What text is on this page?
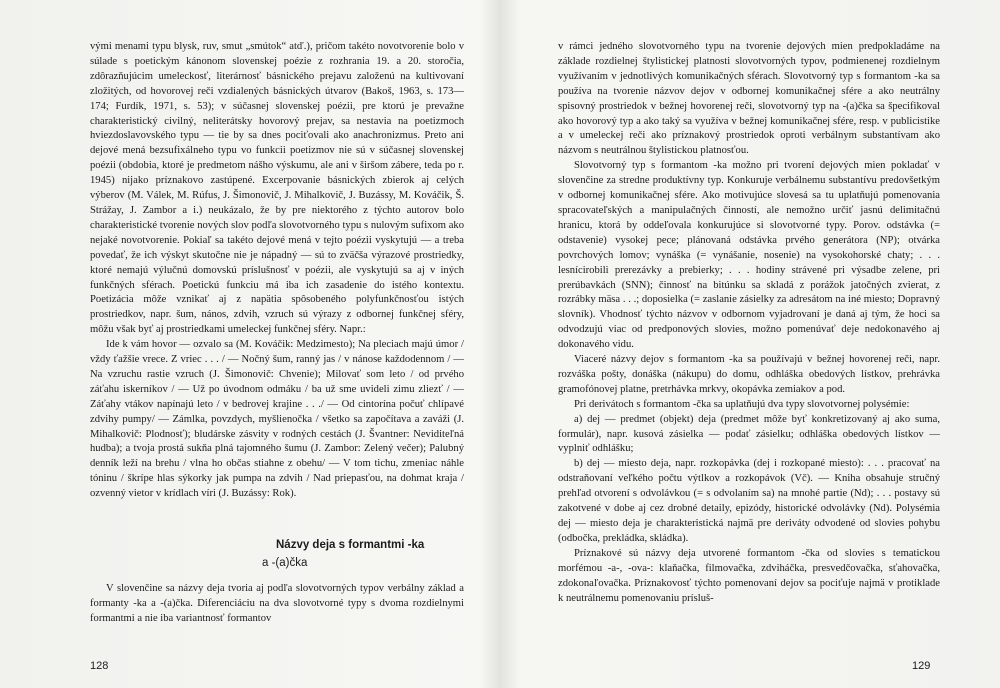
vými menami typu blysk, ruv, smut „smútok“ atď.), pričom takéto novotvorenie bolo v súlade s poetickým kánonom slovenskej poézie z rozhrania 19. a 20. storočia, zdôrazňujúcim umeleckosť, literárnosť básnického prejavu založenú na kultivovaní zložitých, od hovorovej reči vzdialených básnických útvarov (Bakoš, 1963, s. 173—174; Furdík, 1971, s. 53); v súčasnej slovenskej poézii, pre ktorú je prevažne charakteristický civilný, neliterátsky hovorový prejav, sa nestavia na poetizmoch hviezdoslavovského typu — tie by sa dnes pociťovali ako anachronizmus. Preto ani dejové mená bezsufixálneho typu vo funkcii poetizmov nie sú v súčasnej slovenskej poézii (obdobia, ktoré je predmetom nášho výskumu, ale ani v širšom zábere, teda po r. 1945) nijako príznakovo zastúpené. Excerpovanie básnických zbierok aj celých výberov (M. Válek, M. Rúfus, J. Šimonovič, J. Mihalkovič, J. Buzássy, M. Kováčik, Š. Strážay, J. Zambor a i.) neukázalo, že by pre niektorého z týchto autorov bolo charakteristické tvorenie nových slov podľa slovotvorného typu s nulovým sufixom ako nejaké novotvorenie. Pokiaľ sa takéto dejové mená v tejto poézii vyskytujú — a treba povedať, že ich výskyt skutočne nie je nápadný — sú to zväčša výrazové prostriedky, ktoré nemajú výlučnú domovskú príslušnosť v poézii, ale vyskytujú sa aj v iných funkčných sférach. Poetickú funkciu má iba ich zasadenie do istého kontextu. Poetizácia môže vznikať aj z napätia spôsobeného polyfunkčnosťou istých prostriedkov, napr. šum, nános, zdvih, vzruch sú výrazy z odbornej funkčnej sféry, môžu však byť aj prostriedkami umeleckej funkčnej sféry. Napr.:

Ide k vám hovor — ozvalo sa (M. Kováčik: Medzimesto); Na pleciach majú úmor / vždy ťažšie vrece. Z vriec . . . / — Nočný šum, ranný jas / v nánose každodennom / — Na vzruchu rastie vzruch (J. Šimonovič: Chvenie); Milovať som leto / od prvého záťahu iskerníkov / — Už po úvodnom odmáku / ba už sme uvideli zimu zliezť / — Záťahy vtákov napínajú leto / v bedrovej krajine . . ./ — Od cintorína počuť chlípavé zdvihy pumpy/ — Zámlka, povzdych, myšlienočka / všetko sa započítava a zaváži (J. Mihalkovič: Plodnosť); bludárske zásvity v rodných cestách (J. Švantner: Neviditeľná hudba); a tvoja prostá sukňa plná tajomného šumu (J. Zambor: Zelený večer); Palubný denník leží na brehu / vlna ho občas stiahne z obehu/ — V tom tichu, zmeniac náhle tóninu / škrípe hlas sýkorky jak pumpa na zdvih / Nad priepasťou, na dohmat kraja / ozvenný vietor v krídlach víri (J. Buzássy: Rok).

Názvy deja s formantmi -ka
a -(a)čka

V slovenčine sa názvy deja tvoria aj podľa slovotvorných typov verbálny základ a formanty -ka a -(a)čka. Diferenciáciu na dva slovotvorné typy s dvoma rozdielnymi formantmi a nie iba variantnosť formantov

v rámci jedného slovotvorného typu na tvorenie dejových mien predpokladáme na základe rozdielnej štylistickej platnosti slovotvorných typov, podmienenej rozdielnym využívaním v jednotlivých komunikačných sférach. Slovotvorný typ s formantom -ka sa používa na tvorenie názvov dejov v odbornej komunikačnej sfére a ako neutrálny spisovný prostriedok v bežnej hovorenej reči, slovotvorný typ na -(a)čka sa špecifikoval ako hovorový typ a ako taký sa využíva v bežnej komunikačnej sfére, resp. v publicistike a v umeleckej reči ako príznakový prostriedok oproti verbálnym substantívam ako názvom s neutrálnou štylistickou platnosťou.

Slovotvorný typ s formantom -ka možno pri tvorení dejových mien pokladať v slovenčine za stredne produktívny typ. Konkuruje verbálnemu substantívu predovšetkým v odbornej komunikačnej sfére. Ako motivujúce slovesá sa tu uplatňujú pomenovania spracovateľských a manipulačných činností, ale nemožno určiť jasnú delimitačnú hranicu, ktorá by oddeľovala konkurujúce si slovotvorné typy. Porov. odstávka (= odstavenie) vysokej pece; plánovaná odstávka prvého generátora (NP); otvárka povrchových lomov; vynáška (= vynášanie, nosenie) na vysokohorské chaty; . . . lesnícirobili prerezávky a prebierky; . . . hodiny strávené pri výsadbe zelene, pri prerúbavkách (SNN); činnosť na bitúnku sa skladá z porážok jatočných zvierat, z rozrábky mäsa . . .; doposielka (= zaslanie zásielky za adresátom na iné miesto; Dopravný slovník). Vhodnosť týchto názvov v odbornom vyjadrovaní je daná aj tým, že hoci sa odvodzujú viac od predponových slovies, možno pomenúvať deje nedokonavého aj dokonavého vidu.

Viaceré názvy dejov s formantom -ka sa používajú v bežnej hovorenej reči, napr. rozváška pošty, donáška (nákupu) do domu, odhláška obedových lístkov, prehrávka gramofónovej platne, pretrhávka mrkvy, okopávka zemiakov a pod.

Pri derivátoch s formantom -čka sa uplatňujú dva typy slovotvornej polysémie:

a) dej — predmet (objekt) deja (predmet môže byť konkretizovaný aj ako suma, formulár), napr. kusová zásielka — podať zásielku; odhláška obedových lístkov — vyplniť odhlášku;

b) dej — miesto deja, napr. rozkopávka (dej i rozkopané miesto): . . . pracovať na odstraňovaní veľkého počtu výtlkov a rozkopávok (Vč). — Kniha obsahuje stručný prehľad otvorení s odvolávkou (= s odvolaním sa) na mnohé partie (Nd); . . . postavy sú zakotvené v dobe aj cez drobné detaily, epizódy, historické odvolávky (Nd). Polysémia dej — miesto deja je charakteristická najmä pre deriváty odvodené od slovies pohybu (odbočka, prekládka, skládka).

Príznakové sú názvy deja utvorené formantom -čka od slovies s tematickou morfémou -a-, -ova-: klaňačka, filmovačka, zdviháčka, presvedčovačka, sťahovačka, zdokonaľovačka. Príznakovosť týchto pomenovaní dejov sa pociťuje najmä v protiklade k neutrálnemu pomenovaniu prísluš-

128	129
